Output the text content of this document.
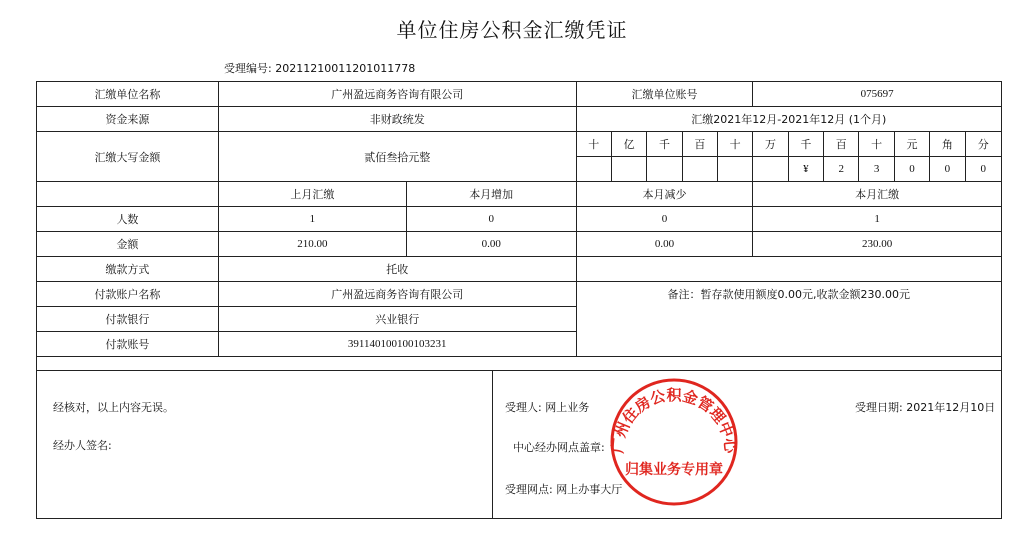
单位住房公积金汇缴凭证
受理编号: 20211210011201011778
汇缴单位名称	广州盈远商务咨询有限公司		汇缴单位账号					075697						
资金来源	非财政统发		汇缴2021年12月-2021年12月 (1个月)											
汇缴大写金额	贰佰叁拾元整		十	亿	千	百	十	万	千	百	十	元	角	分
									¥	2	3	0	0	0
	上月汇缴	本月增加	本月减少					本月汇缴						
人数	1	0	0					1						
金额	210.00	0.00	0.00					230.00						
缴款方式	托收													
付款账户名称	广州盈远商务咨询有限公司		备注：暂存款使用额度0.00元,收款金额230.00元											
付款银行	兴业银行													
付款账号	391140100100103231													
经核对，以上内容无误。
经办人签名:
受理人: 网上业务	受理日期: 2021年12月10日
中心经办网点盖章:
受理网点: 网上办事大厅
广州住房公积金管理中心
归集业务专用章
